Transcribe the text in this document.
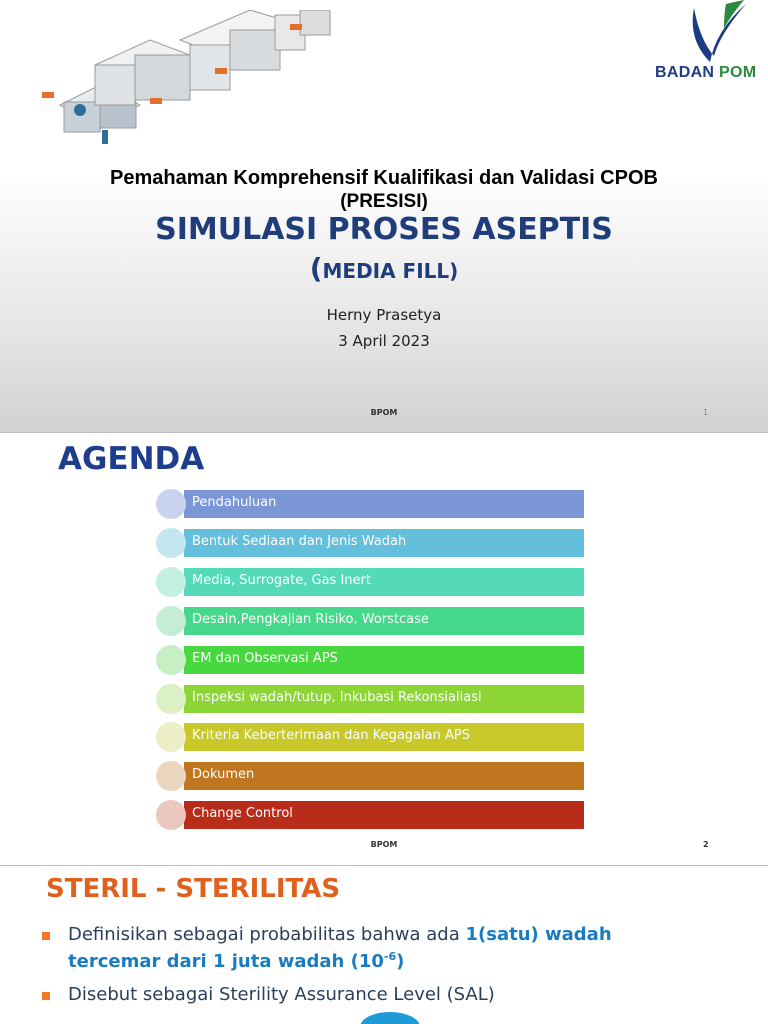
BADAN POM
Pemahaman Komprehensif Kualifikasi dan Validasi CPOB
(PRESISI)
SIMULASI PROSES ASEPTIS
(MEDIA FILL)
Herny Prasetya
3 April 2023
BPOM	1
AGENDA
Pendahuluan
Bentuk Sediaan dan Jenis Wadah
Media, Surrogate, Gas Inert
Desain,Pengkajian Risiko, Worstcase
EM dan Observasi APS
Inspeksi wadah/tutup, Inkubasi Rekonsialiasi
Kriteria Keberterimaan dan Kegagalan APS
Dokumen
Change Control
BPOM	2
STERIL - STERILITAS
Definisikan sebagai probabilitas bahwa ada 1(satu) wadah
tercemar dari 1 juta wadah $(10^{-6})$
Disebut sebagai Sterility Assurance Level (SAL)
